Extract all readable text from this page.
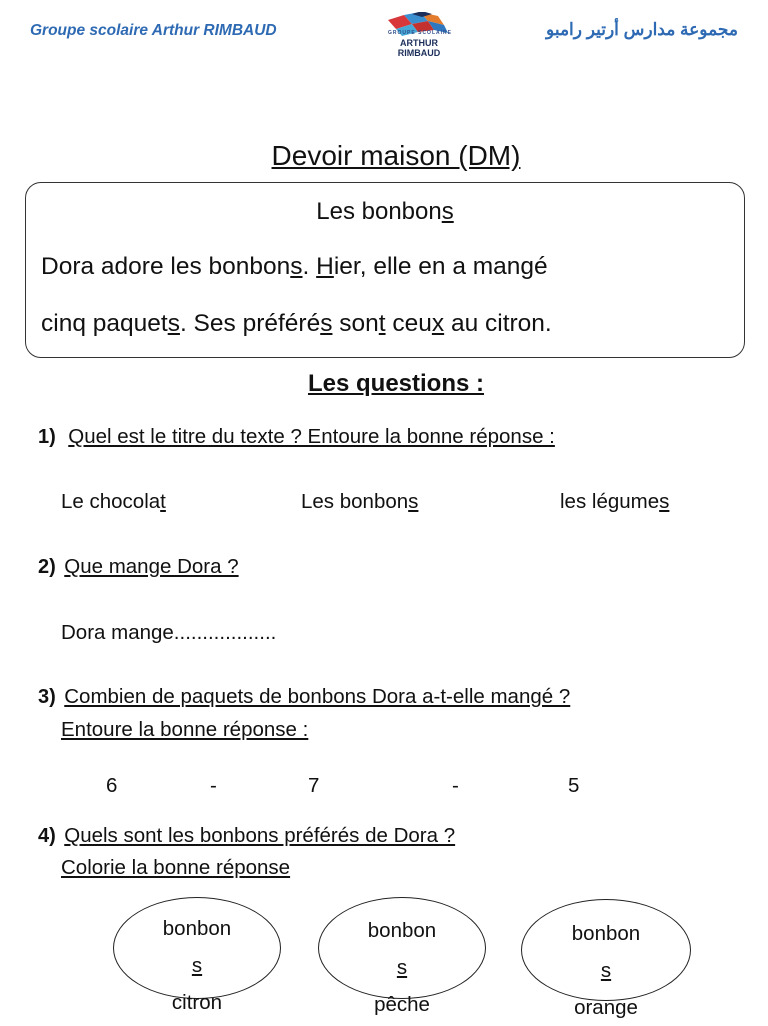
Groupe scolaire Arthur RIMBAUD	GROUPE SCOLAIRE
ARTHUR RIMBAUD
مجموعة مدارس أرتير رامبو
Devoir maison (DM)
Les bonbons
Dora adore les bonbons. Hier, elle en a mangé
cinq paquets. Ses préférés sont ceux au citron.
Les questions :
1) Quel est le titre du texte ? Entoure la bonne réponse :
Le chocolat	Les bonbons	les légumes
2) Que mange Dora ?
Dora mange..................
3) Combien de paquets de bonbons Dora a-t-elle mangé ?
Entoure la bonne réponse :
6	-	7	-	5
4) Quels sont les bonbons préférés de Dora ?
Colorie la bonne réponse
bonbon
s
citron
bonbon
s
pêche
bonbon
s
orange
